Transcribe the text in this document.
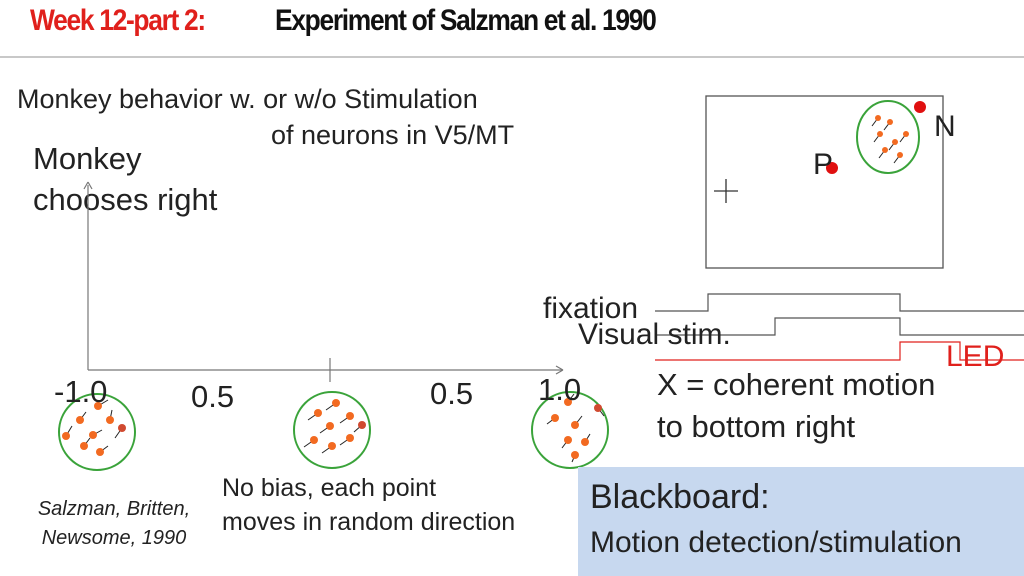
Week 12-part 2: Experiment of Salzman et al. 1990
Monkey behavior w. or w/o Stimulation
of neurons in V5/MT
Monkey
chooses right
-1.0	0.5	0.5 1.0
No bias, each point
moves in random direction
Salzman, Britten,
Newsome, 1990
N
P
fixation
Visual stim.
LED
X = coherent motion
to bottom right
Blackboard:
Motion detection/stimulation
